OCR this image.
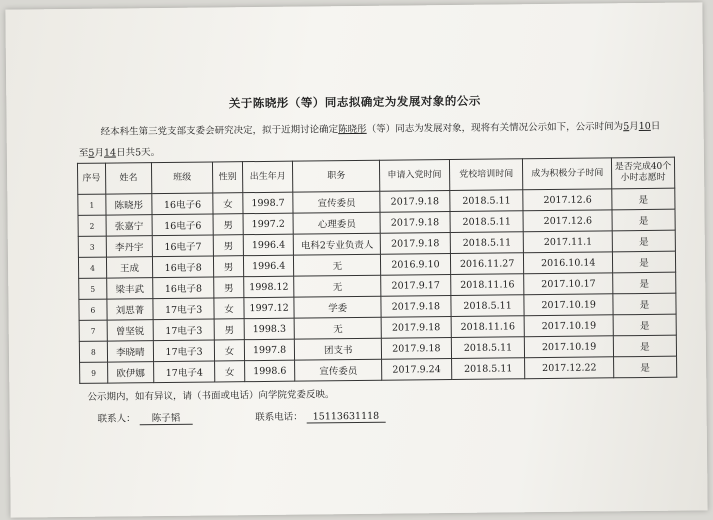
关于陈晓彤（等）同志拟确定为发展对象的公示
经本科生第三党支部支委会研究决定，拟于近期讨论确定陈晓彤（等）同志为发展对象，现将有关情况公示如下，公示时间为5月10日至5月14日共5天。
序号	姓名	班级	性别	出生年月	职务	申请入党时间	党校培训时间	成为积极分子时间	是否完成40个小时志愿时
1	陈晓彤	16电子6	女	1998.7	宣传委员	2017.9.18	2018.5.11	2017.12.6	是
2	张嘉宁	16电子6	男	1997.2	心理委员	2017.9.18	2018.5.11	2017.12.6	是
3	李丹宇	16电子7	男	1996.4	电科2专业负责人	2017.9.18	2018.5.11	2017.11.1	是
4	王成	16电子8	男	1996.4	无	2016.9.10	2016.11.27	2016.10.14	是
5	梁丰武	16电子8	男	1998.12	无	2017.9.17	2018.11.16	2017.10.17	是
6	刘思菁	17电子3	女	1997.12	学委	2017.9.18	2018.5.11	2017.10.19	是
7	曾坚锐	17电子3	男	1998.3	无	2017.9.18	2018.11.16	2017.10.19	是
8	李晓晴	17电子3	女	1997.8	团支书	2017.9.18	2018.5.11	2017.10.19	是
9	欧伊娜	17电子4	女	1998.6	宣传委员	2017.9.24	2018.5.11	2017.12.22	是
公示期内，如有异议，请（书面或电话）向学院党委反映。
联系人： 陈子韬	联系电话： 15113631118
